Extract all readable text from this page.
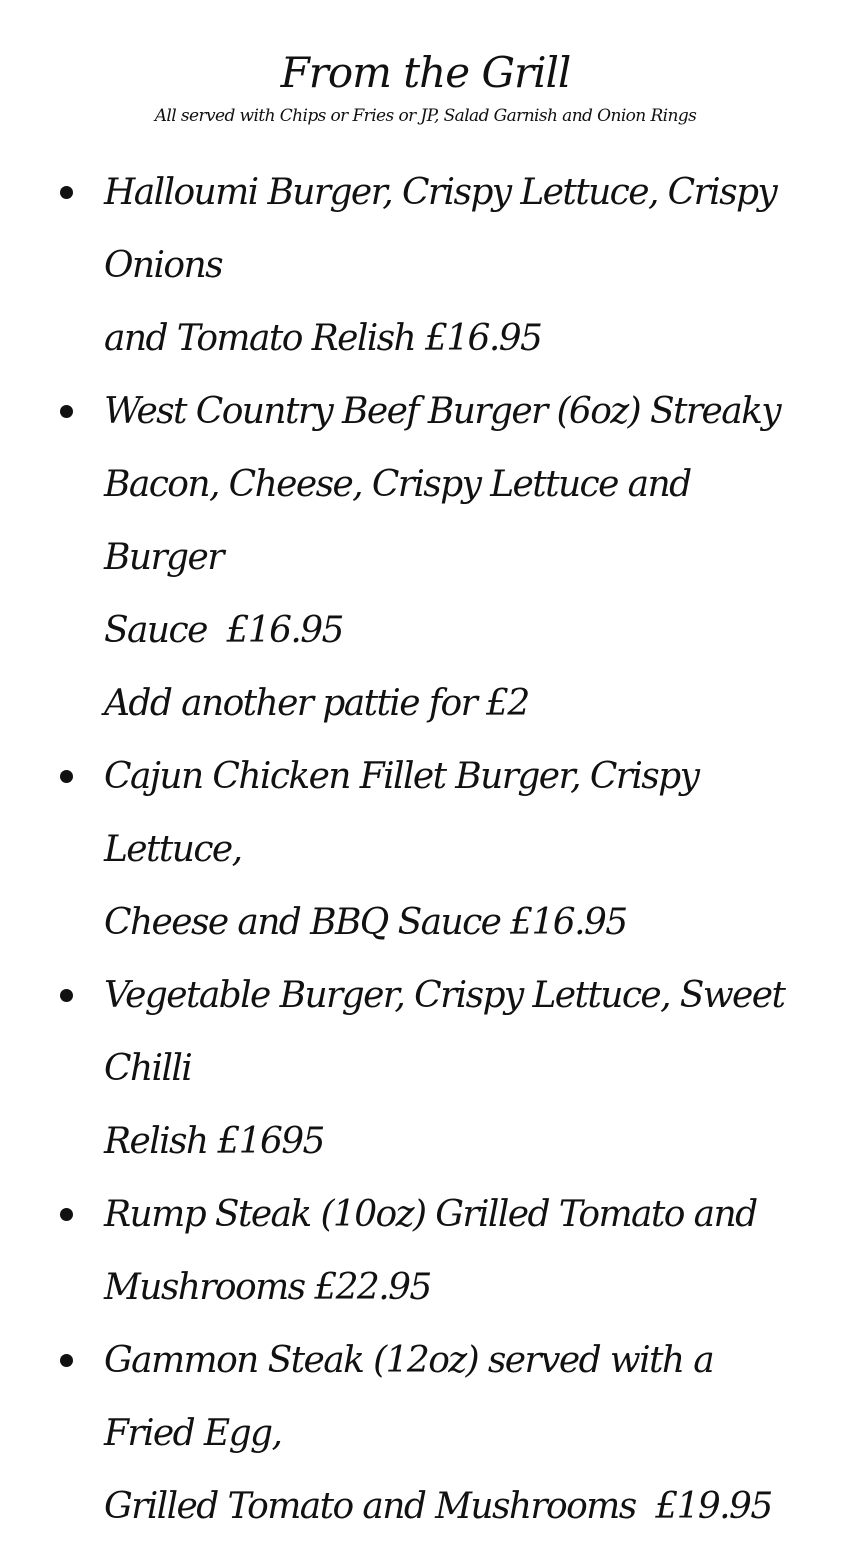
From the Grill
All served with Chips or Fries or JP, Salad Garnish and Onion Rings
Halloumi Burger, Crispy Lettuce, Crispy Onions
and Tomato Relish £16.95
West Country Beef Burger (6oz) Streaky
Bacon, Cheese, Crispy Lettuce and Burger
Sauce  £16.95
Add another pattie for £2
Cajun Chicken Fillet Burger, Crispy Lettuce,
Cheese and BBQ Sauce £16.95
Vegetable Burger, Crispy Lettuce, Sweet Chilli
Relish £1695
Rump Steak (10oz) Grilled Tomato and
Mushrooms £22.95
Gammon Steak (12oz) served with a Fried Egg,
Grilled Tomato and Mushrooms  £19.95
